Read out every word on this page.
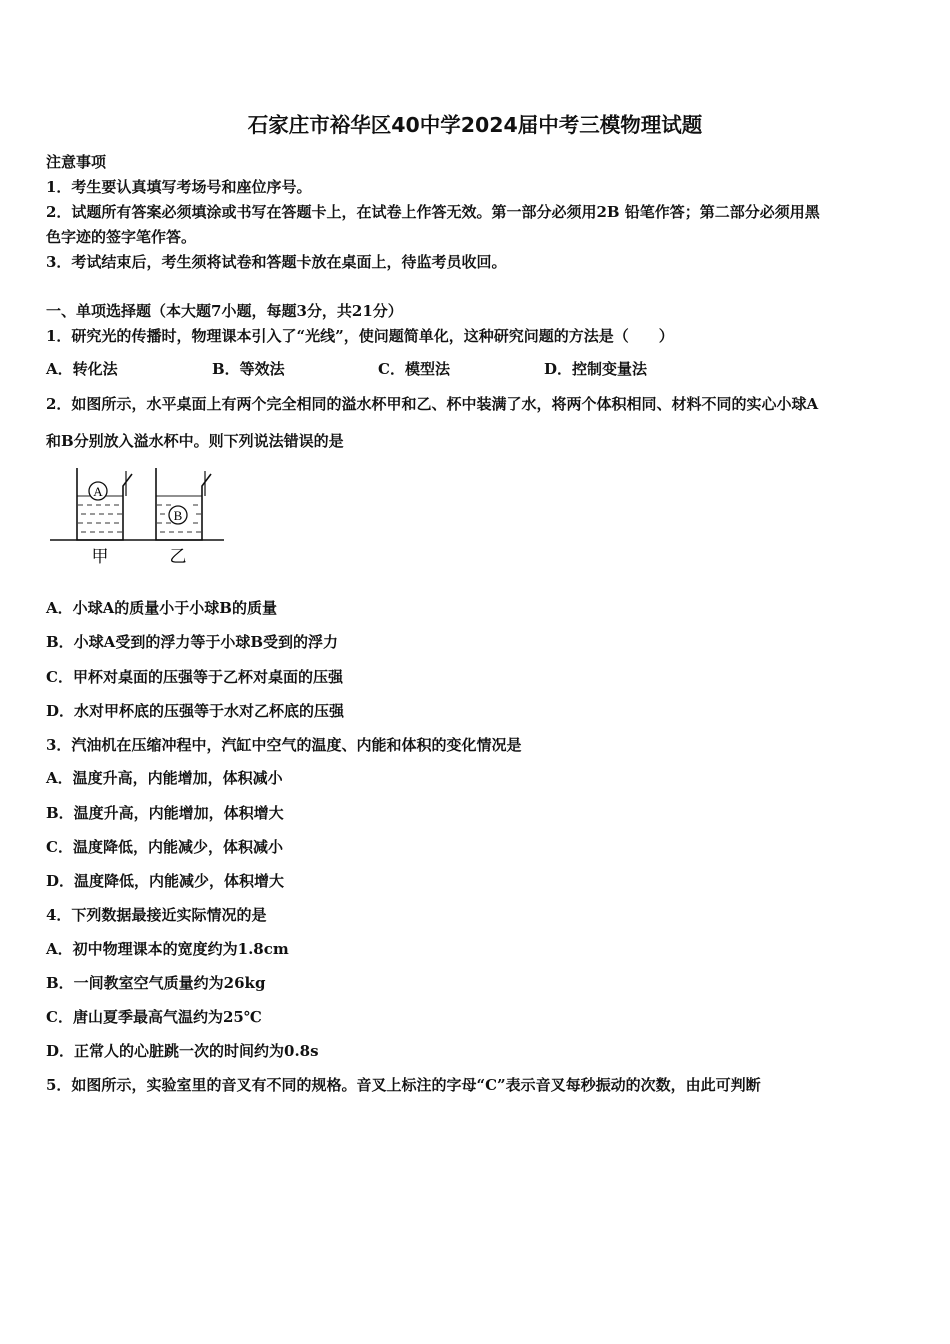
石家庄市裕华区40中学2024届中考三模物理试题
注意事项
1．考生要认真填写考场号和座位序号。
2．试题所有答案必须填涂或书写在答题卡上，在试卷上作答无效。第一部分必须用2B 铅笔作答；第二部分必须用黑
色字迹的签字笔作答。
3．考试结束后，考生须将试卷和答题卡放在桌面上，待监考员收回。
一、单项选择题（本大题7小题，每题3分，共21分）
1．研究光的传播时，物理课本引入了“光线”，使问题简单化，这种研究问题的方法是（　　）
A．转化法	B．等效法	C．模型法	D．控制变量法
2．如图所示，水平桌面上有两个完全相同的溢水杯甲和乙、杯中装满了水，将两个体积相同、材料不同的实心小球A
和B分别放入溢水杯中。则下列说法错误的是
A
B
甲	乙
A．小球A的质量小于小球B的质量
B．小球A受到的浮力等于小球B受到的浮力
C．甲杯对桌面的压强等于乙杯对桌面的压强
D．水对甲杯底的压强等于水对乙杯底的压强
3．汽油机在压缩冲程中，汽缸中空气的温度、内能和体积的变化情况是
A．温度升高，内能增加，体积减小
B．温度升高，内能增加，体积增大
C．温度降低，内能减少，体积减小
D．温度降低，内能减少，体积增大
4．下列数据最接近实际情况的是
A．初中物理课本的宽度约为1.8cm
B．一间教室空气质量约为26kg
C．唐山夏季最高气温约为25℃
D．正常人的心脏跳一次的时间约为0.8s
5．如图所示，实验室里的音叉有不同的规格。音叉上标注的字母“C”表示音叉每秒振动的次数，由此可判断
